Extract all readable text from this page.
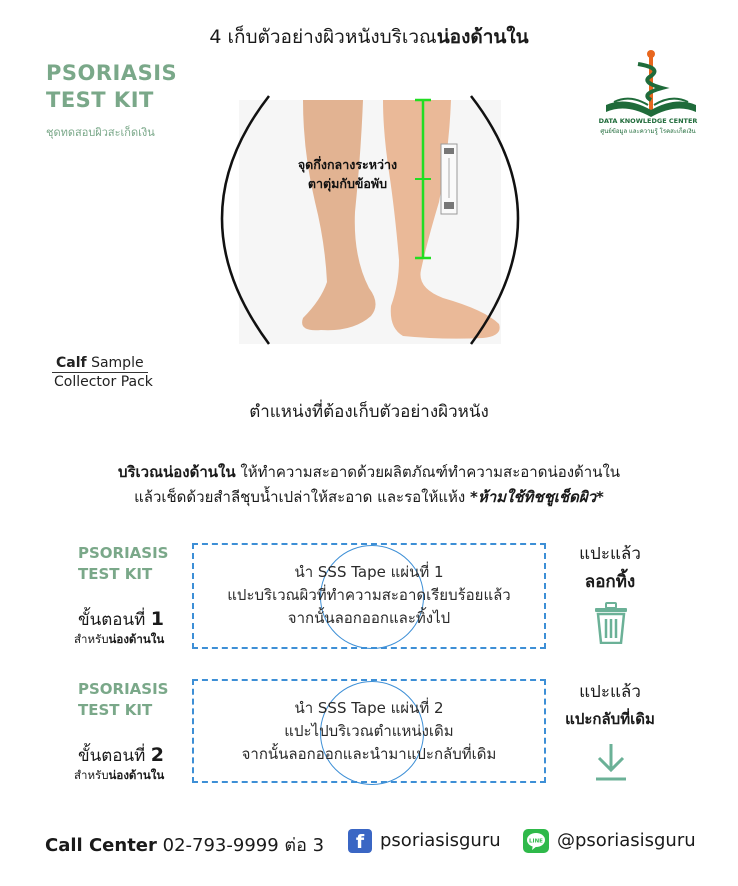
4 เก็บตัวอย่างผิวหนังบริเวณน่องด้านใน
PSORIASIS
TEST KIT
ชุดทดสอบผิวสะเก็ดเงิน
DATA KNOWLEDGE CENTER
ศูนย์ข้อมูล และความรู้ โรคสะเก็ดเงิน
จุดกึ่งกลางระหว่าง
ตาตุ่มกับข้อพับ
Calf Sample
Collector Pack
ตำแหน่งที่ต้องเก็บตัวอย่างผิวหนัง
บริเวณน่องด้านใน ให้ทำความสะอาดด้วยผลิตภัณฑ์ทำความสะอาดน่องด้านใน
แล้วเช็ดด้วยสำลีชุบน้ำเปล่าให้สะอาด และรอให้แห้ง *ห้ามใช้ทิชชูเช็ดผิว*
PSORIASIS
TEST KIT
ขั้นตอนที่ 1
สำหรับน่องด้านใน
นำ SSS Tape แผ่นที่ 1
แปะบริเวณผิวที่ทำความสะอาดเรียบร้อยแล้ว
จากนั้นลอกออกและทิ้งไป
แปะแล้ว
ลอกทิ้ง
PSORIASIS
TEST KIT
ขั้นตอนที่ 2
สำหรับน่องด้านใน
นำ SSS Tape แผ่นที่ 2
แปะไปบริเวณตำแหน่งเดิม
จากนั้นลอกออกและนำมาแปะกลับที่เดิม
แปะแล้ว
แปะกลับที่เดิม
Call Center 02-793-9999 ต่อ 3	f psoriasisguru	LINE @psoriasisguru
